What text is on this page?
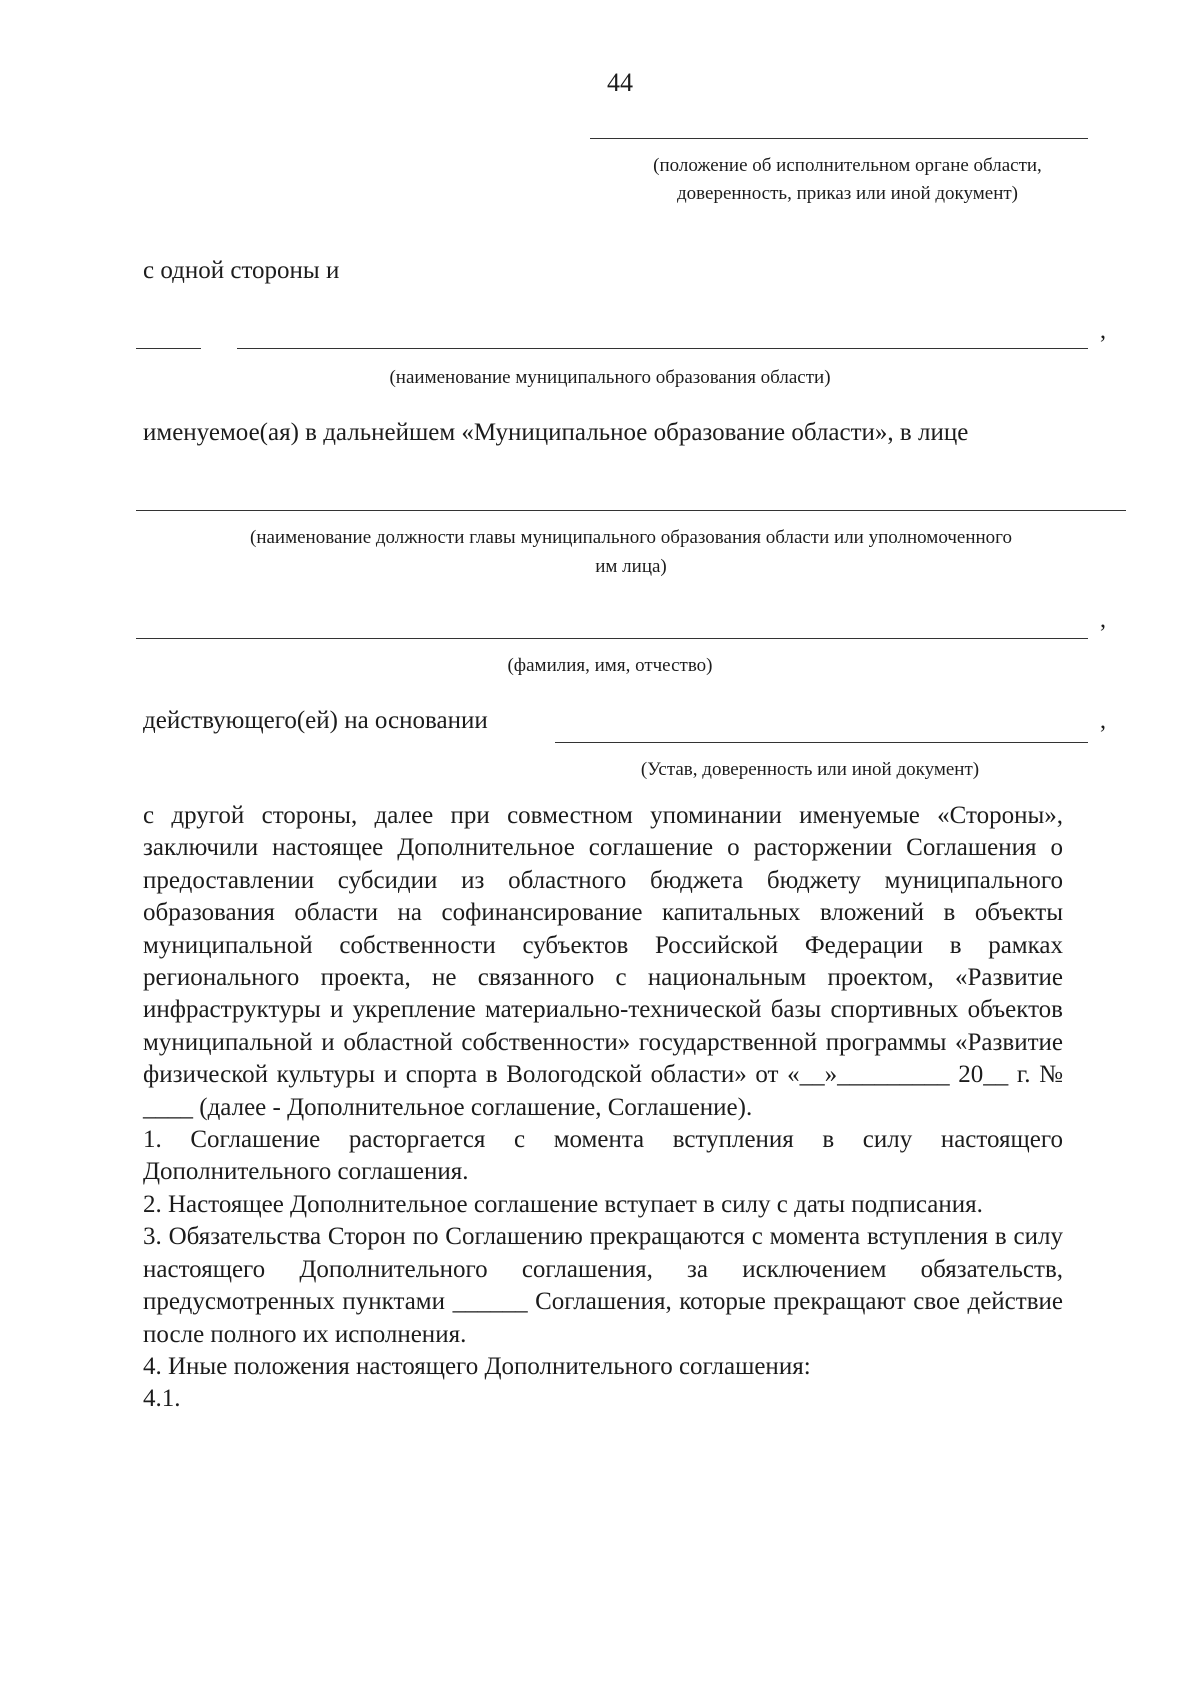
44
(положение об исполнительном органе области, доверенность, приказ или иной документ)
с одной стороны и
,
(наименование муниципального образования области)
именуемое(ая) в дальнейшем «Муниципальное образование области», в лице
(наименование должности главы муниципального образования области или уполномоченного
им лица)
,
(фамилия, имя, отчество)
действующего(ей) на основании	,
(Устав, доверенность или иной документ)

с другой стороны, далее при совместном упоминании именуемые «Стороны», заключили настоящее Дополнительное соглашение о расторжении Соглашения о предоставлении субсидии из областного бюджета бюджету муниципального образования области на софинансирование капитальных вложений в объекты муниципальной собственности субъектов Российской Федерации в рамках регионального проекта, не связанного с национальным проектом, «Развитие инфраструктуры и укрепление материально-технической базы спортивных объектов муниципальной и областной собственности» государственной программы «Развитие физической культуры и спорта в Вологодской области» от «__»_________ 20__ г. № ____ (далее - Дополнительное соглашение, Соглашение).

1. Соглашение расторгается с момента вступления в силу настоящего Дополнительного соглашения.

2. Настоящее Дополнительное соглашение вступает в силу с даты подписания.

3. Обязательства Сторон по Соглашению прекращаются с момента вступления в силу настоящего Дополнительного соглашения, за исключением обязательств, предусмотренных пунктами ______ Соглашения, которые прекращают свое действие после полного их исполнения.

4. Иные положения настоящего Дополнительного соглашения:

4.1.
